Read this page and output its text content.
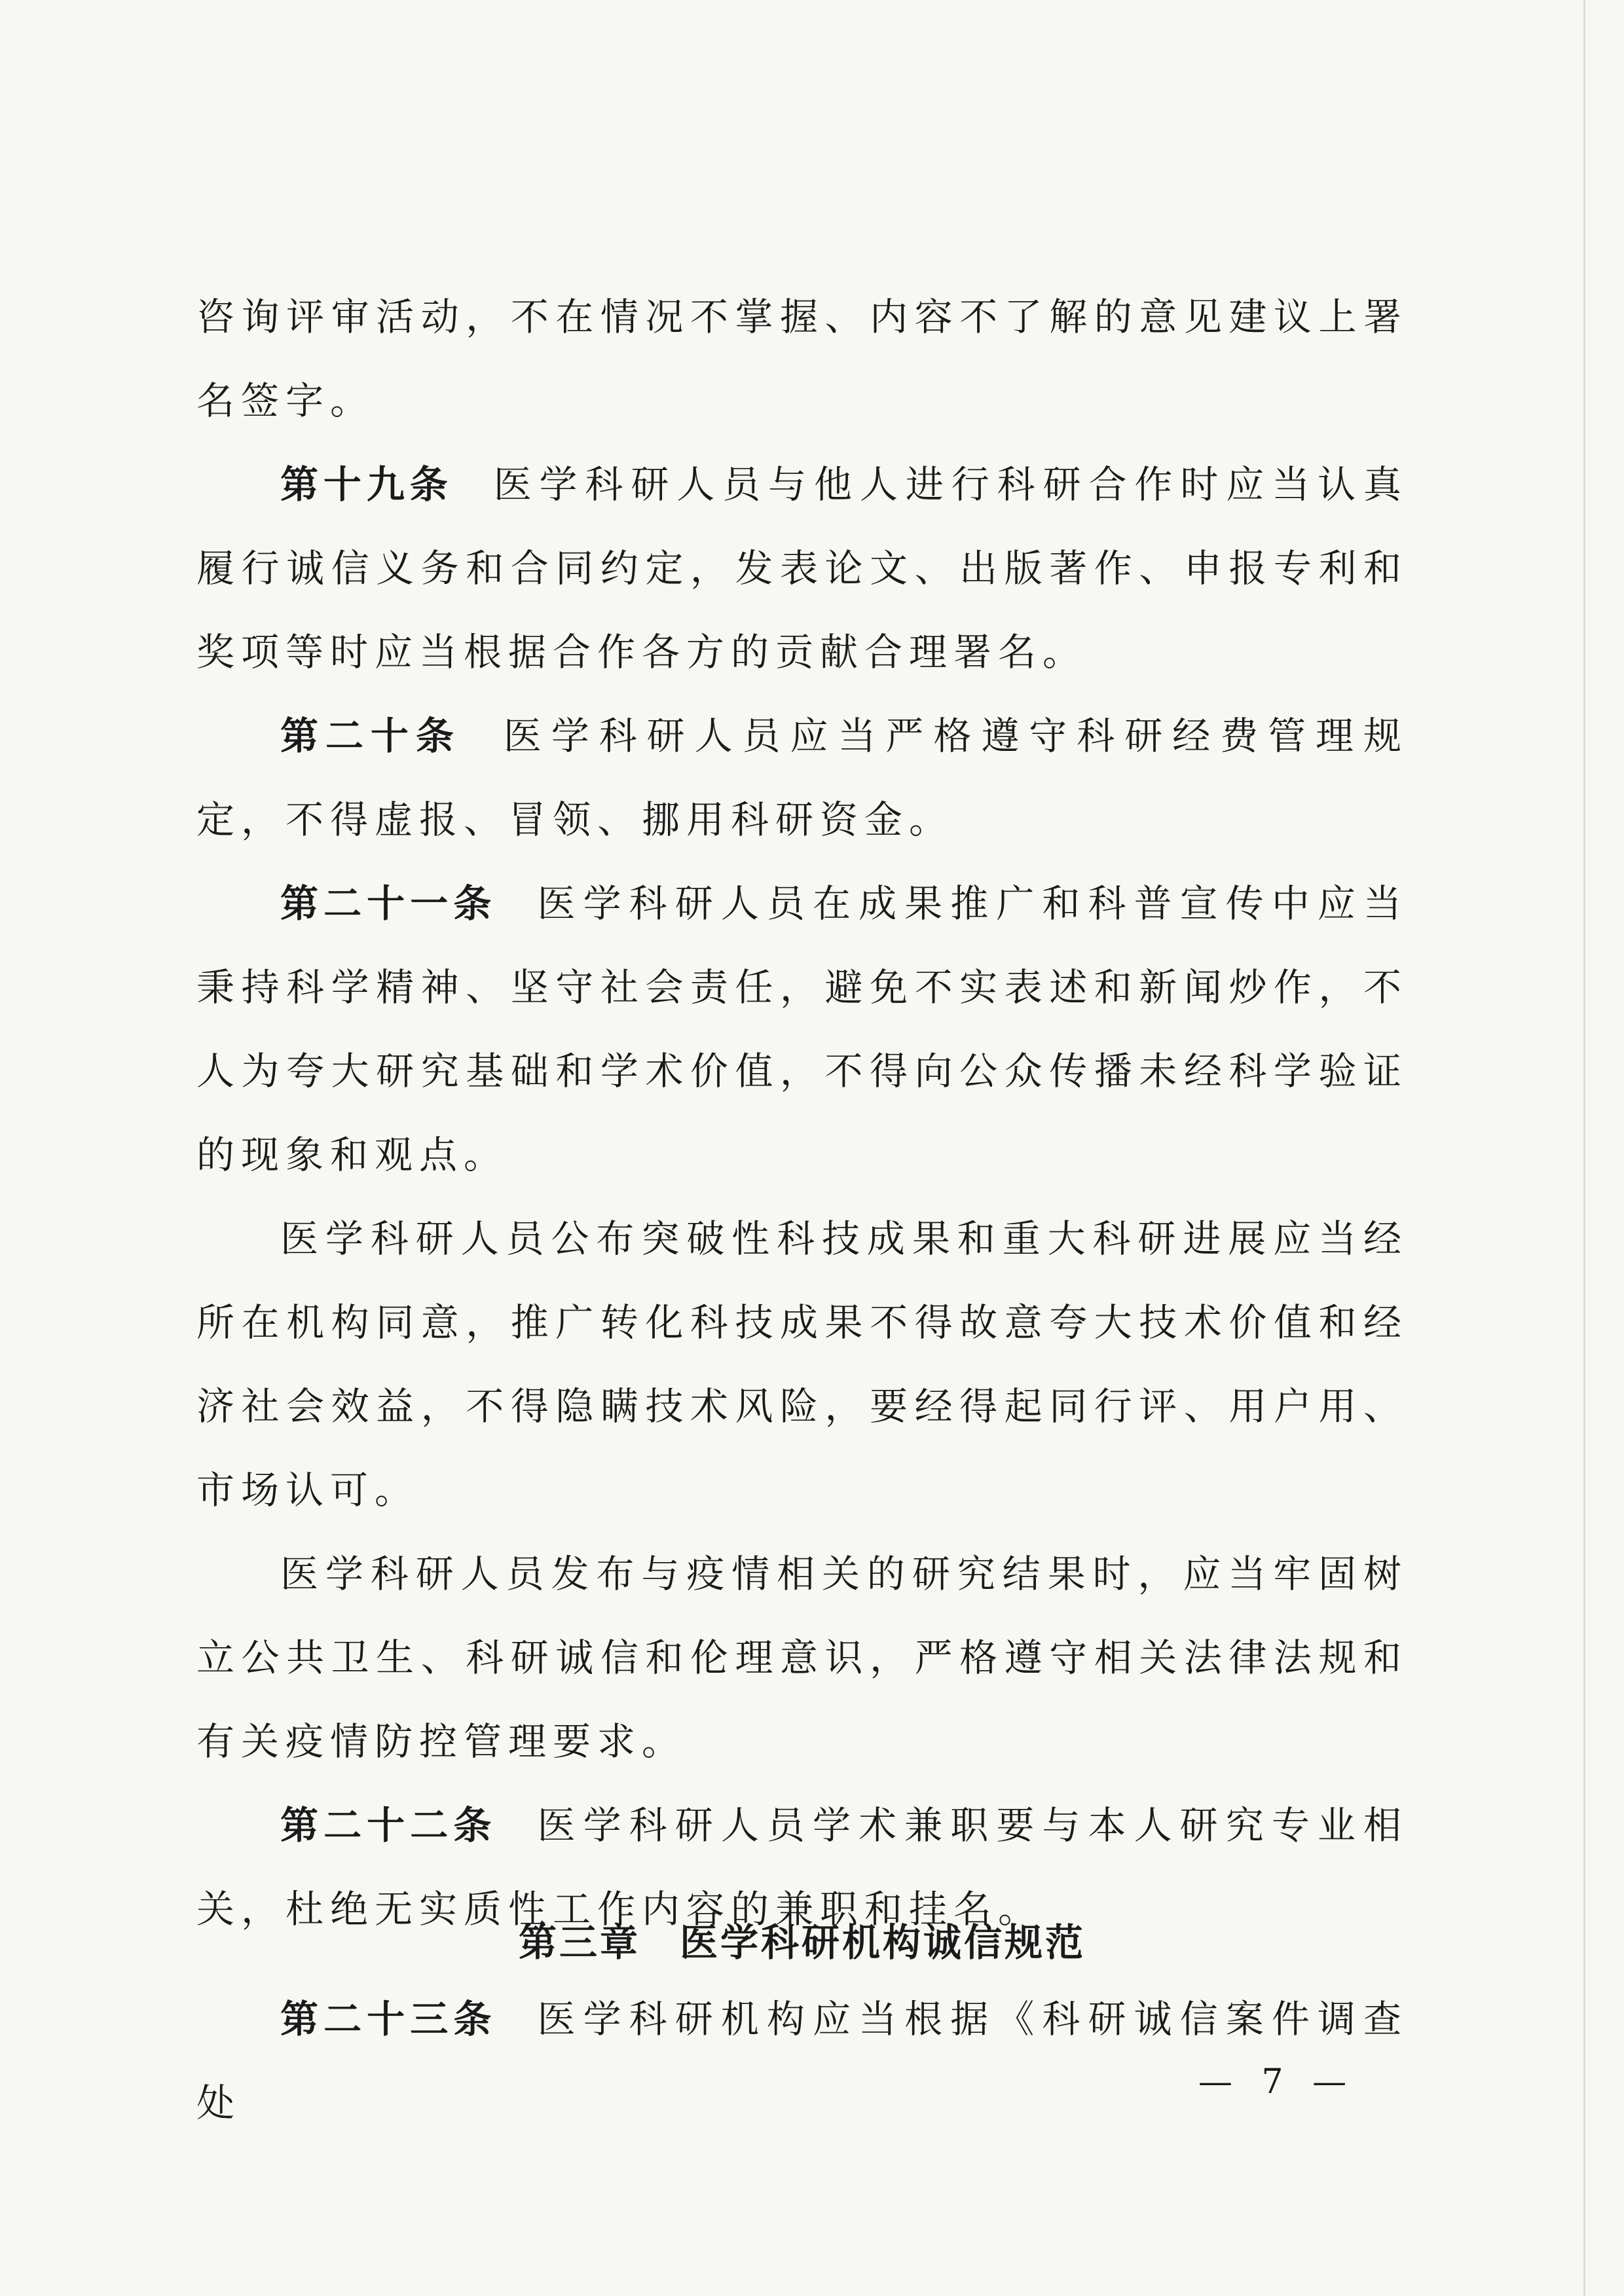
咨询评审活动，不在情况不掌握、内容不了解的意见建议上署名签字。

第十九条 医学科研人员与他人进行科研合作时应当认真履行诚信义务和合同约定，发表论文、出版著作、申报专利和奖项等时应当根据合作各方的贡献合理署名。

第二十条 医学科研人员应当严格遵守科研经费管理规定，不得虚报、冒领、挪用科研资金。

第二十一条 医学科研人员在成果推广和科普宣传中应当秉持科学精神、坚守社会责任，避免不实表述和新闻炒作，不人为夸大研究基础和学术价值，不得向公众传播未经科学验证的现象和观点。

医学科研人员公布突破性科技成果和重大科研进展应当经所在机构同意，推广转化科技成果不得故意夸大技术价值和经济社会效益，不得隐瞒技术风险，要经得起同行评、用户用、市场认可。

医学科研人员发布与疫情相关的研究结果时，应当牢固树立公共卫生、科研诚信和伦理意识，严格遵守相关法律法规和有关疫情防控管理要求。

第二十二条 医学科研人员学术兼职要与本人研究专业相关，杜绝无实质性工作内容的兼职和挂名。

第三章 医学科研机构诚信规范

第二十三条 医学科研机构应当根据《科研诚信案件调查处	— 7 —
